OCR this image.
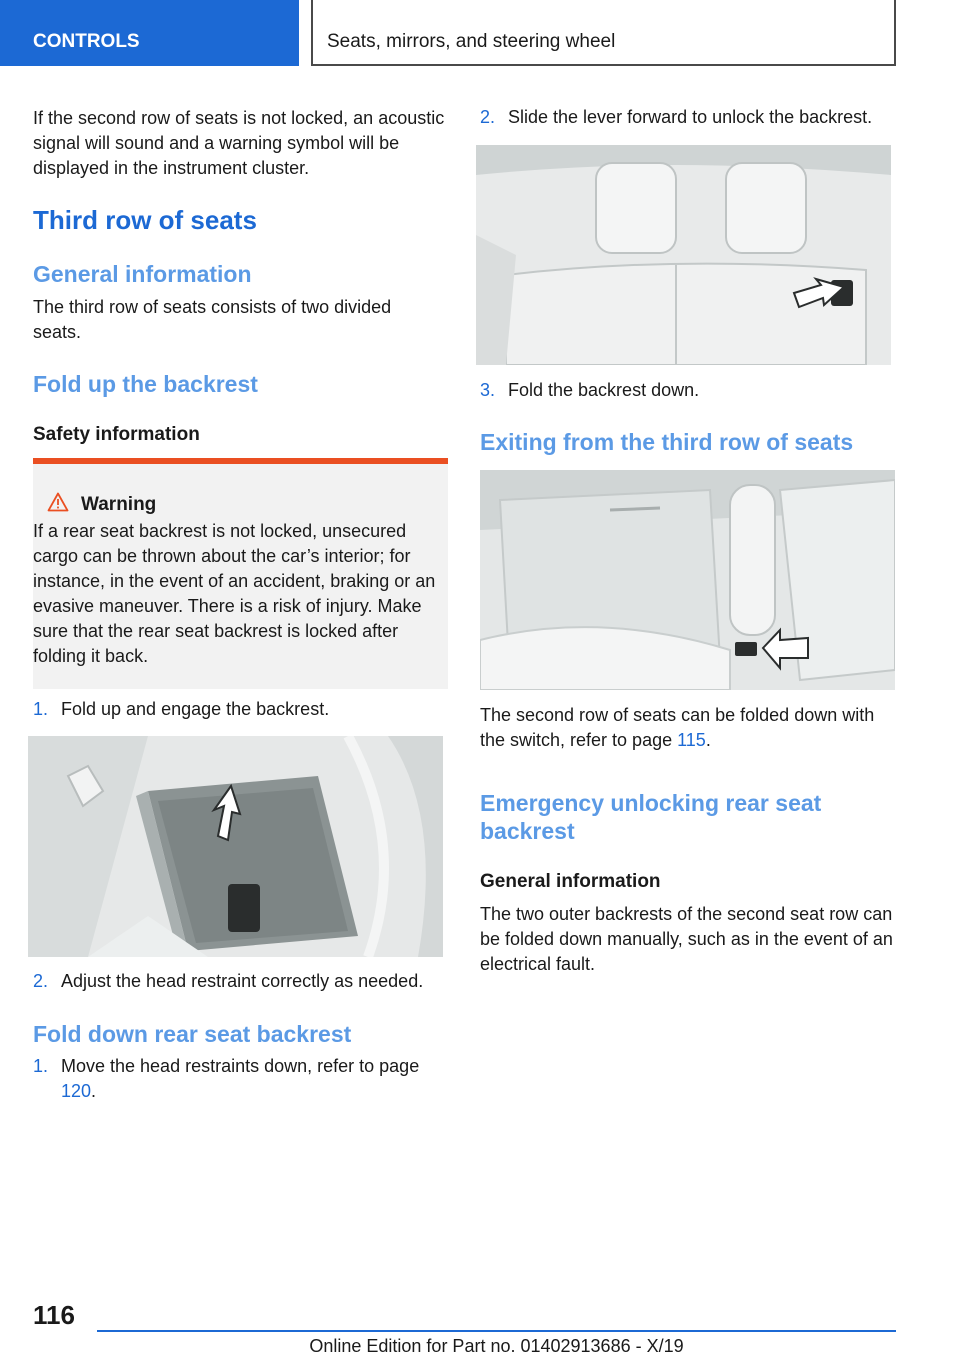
CONTROLS	Seats, mirrors, and steering wheel
If the second row of seats is not locked, an acoustic signal will sound and a warning symbol will be displayed in the instrument cluster.
Third row of seats
General information
The third row of seats consists of two divided seats.
Fold up the backrest
Safety information
Warning
If a rear seat backrest is not locked, unsecured cargo can be thrown about the car’s interior; for instance, in the event of an accident, braking or an evasive maneuver. There is a risk of injury. Make sure that the rear seat backrest is locked after folding it back.
1. Fold up and engage the backrest.
2. Adjust the head restraint correctly as needed.
Fold down rear seat backrest
1. Move the head restraints down, refer to page 120.
2. Slide the lever forward to unlock the backrest.
3. Fold the backrest down.
Exiting from the third row of seats
The second row of seats can be folded down with the switch, refer to page 115.
Emergency unlocking rear seat backrest
General information
The two outer backrests of the second seat row can be folded down manually, such as in the event of an electrical fault.
116
Online Edition for Part no. 01402913686 - X/19
